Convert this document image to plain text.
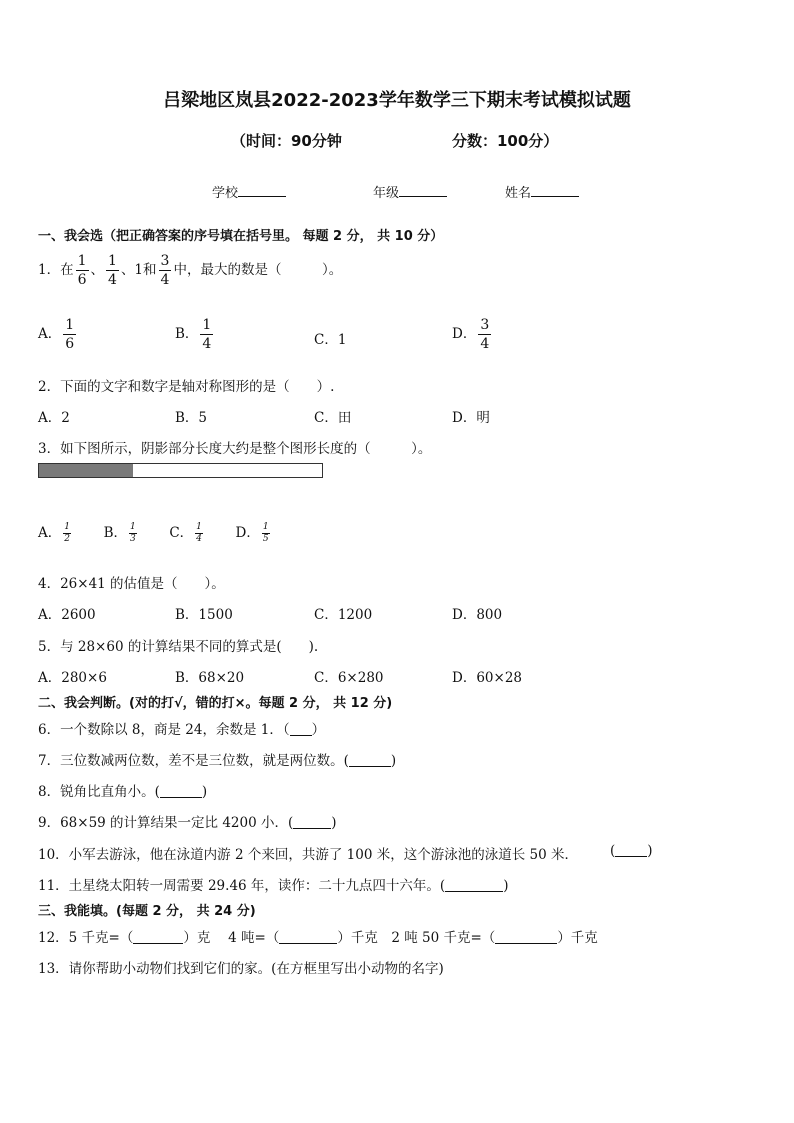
吕梁地区岚县2022-2023学年数学三下期末考试模拟试题
（时间：90分钟	分数：100分）
学校	年级	姓名
一、我会选（把正确答案的序号填在括号里。 每题 2 分， 共 10 分）
1．在 $\frac{1}{6}$ 、 $\frac{1}{4}$ 、1和 $\frac{3}{4}$ 中，最大的数是（　　　）。
A． $\frac{1}{6}$	B． $\frac{1}{4}$	C．1	D． $\frac{3}{4}$
2．下面的文字和数字是轴对称图形的是（　　）.
A．2	B．5	C．田	D．明
3．如下图所示，阴影部分长度大约是整个图形长度的（　　　）。
A． $\frac{1}{2}$ B． $\frac{1}{3}$ C． $\frac{1}{4}$ D． $\frac{1}{5}$
4．26×41 的估值是（　　）。
A．2600	B．1500	C．1200	D．800
5．与 28×60 的计算结果不同的算式是(　　).
A．280×6	B．68×20	C．6×280	D．60×28
二、我会判断。(对的打√，错的打×。每题 2 分， 共 12 分)
6．一个数除以 8，商是 24，余数是 1．（ ）
7．三位数减两位数，差不是三位数，就是两位数。(	)
8．锐角比直角小。(	)
9．68×59 的计算结果一定比 4200 小．(	)
10．小军去游泳，他在泳道内游 2 个来回，共游了 100 米，这个游泳池的泳道长 50 米． ( )
11．土星绕太阳转一周需要 29.46 年，读作：二十九点四十六年。(	)
三、我能填。(每题 2 分， 共 24 分)
12．5 千克=（	）克　 4 吨=（	）千克　2 吨 50 千克=（	）千克
13．请你帮助小动物们找到它们的家。(在方框里写出小动物的名字)
